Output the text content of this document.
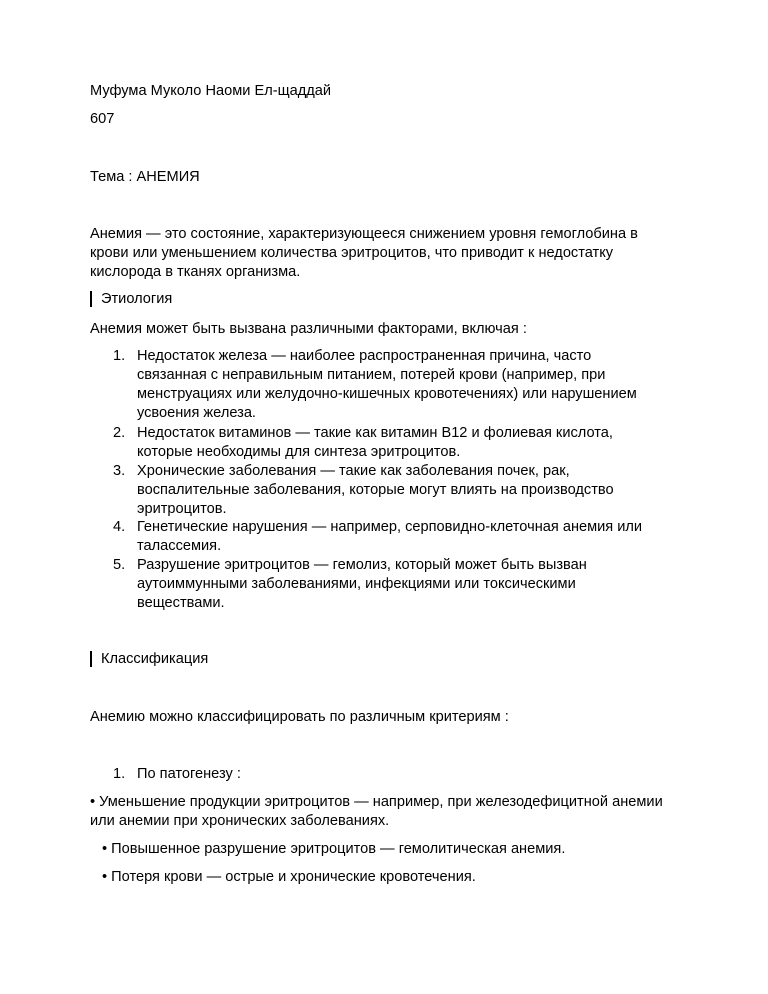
Муфума Муколо Наоми Ел-щаддай

607

Тема : АНЕМИЯ

Анемия — это состояние, характеризующееся снижением уровня гемоглобина в крови или уменьшением количества эритроцитов, что приводит к недостатку кислорода в тканях организма.

Этиология

Анемия может быть вызвана различными факторами, включая :

1. Недостаток железа — наиболее распространенная причина, часто связанная с неправильным питанием, потерей крови (например, при менструациях или желудочно-кишечных кровотечениях) или нарушением усвоения железа.

2. Недостаток витаминов — такие как витамин B12 и фолиевая кислота, которые необходимы для синтеза эритроцитов.

3. Хронические заболевания — такие как заболевания почек, рак, воспалительные заболевания, которые могут влиять на производство эритроцитов.

4. Генетические нарушения — например, серповидно-клеточная анемия или талассемия.

5. Разрушение эритроцитов — гемолиз, который может быть вызван аутоиммунными заболеваниями, инфекциями или токсическими веществами.

Классификация

Анемию можно классифицировать по различным критериям :

1. По патогенезу :

• Уменьшение продукции эритроцитов — например, при железодефицитной анемии или анемии при хронических заболеваниях.

• Повышенное разрушение эритроцитов — гемолитическая анемия.

• Потеря крови — острые и хронические кровотечения.
